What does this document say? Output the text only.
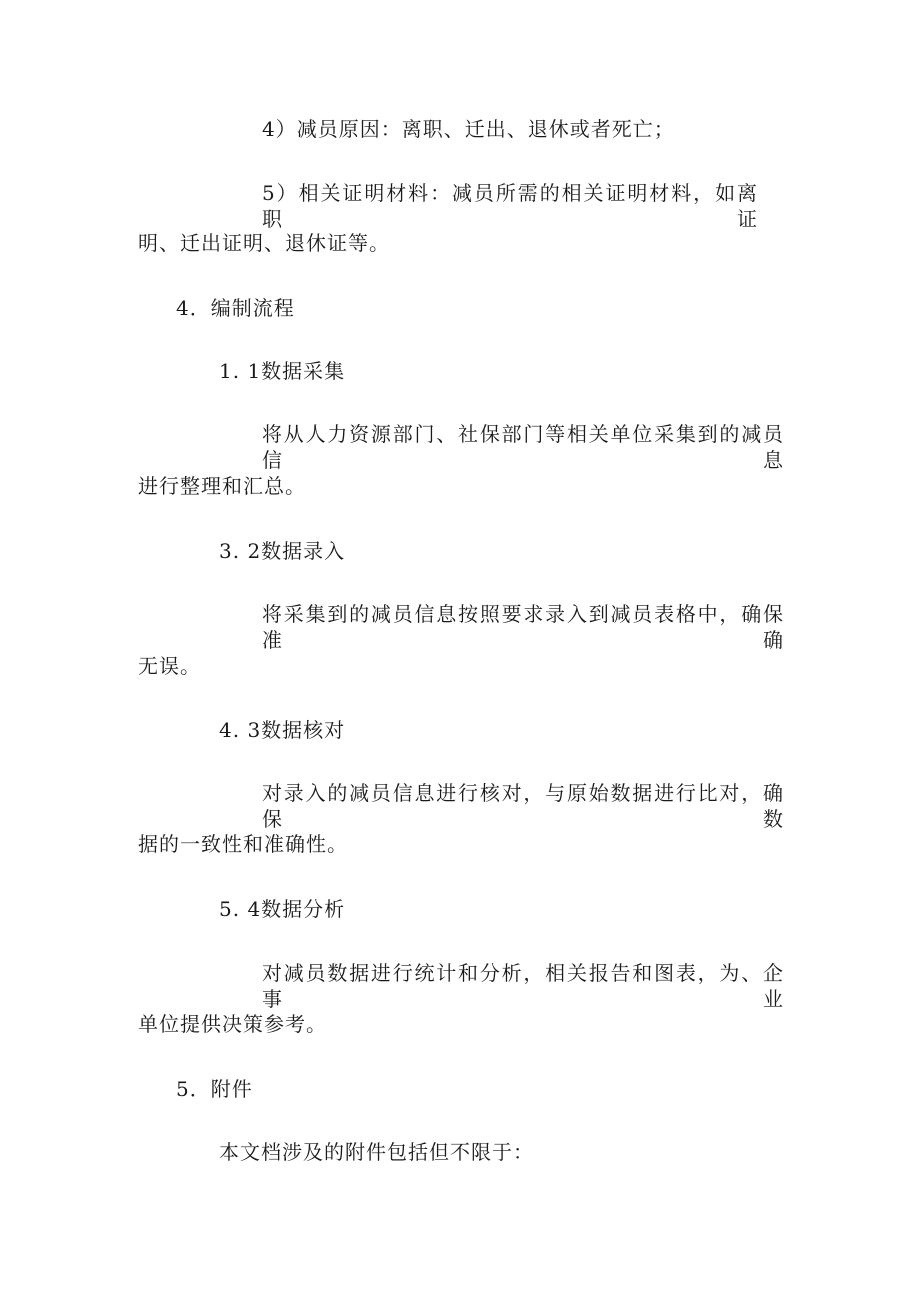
4）减员原因：离职、迁出、退休或者死亡；
5）相关证明材料：减员所需的相关证明材料，如离职证
明、迁出证明、退休证等。
4．编制流程
1. 1数据采集
将从人力资源部门、社保部门等相关单位采集到的减员信息
进行整理和汇总。
3. 2数据录入
将采集到的减员信息按照要求录入到减员表格中，确保准确
无误。
4. 3数据核对
对录入的减员信息进行核对，与原始数据进行比对，确保数
据的一致性和准确性。
5. 4数据分析
对减员数据进行统计和分析，相关报告和图表，为、企事业
单位提供决策参考。
5．附件
本文档涉及的附件包括但不限于：
